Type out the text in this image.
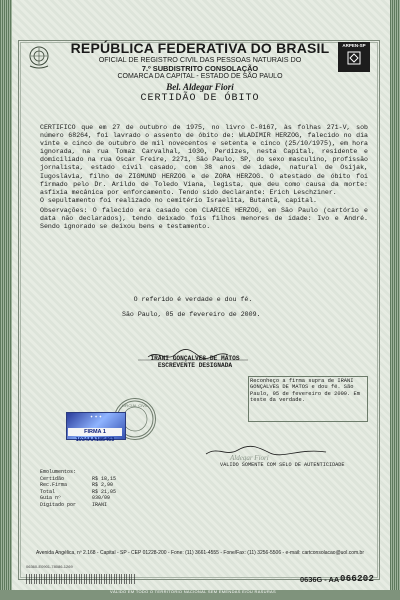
ARPEN-SP
REPÚBLICA FEDERATIVA DO BRASIL
OFICIAL DE REGISTRO CIVIL DAS PESSOAS NATURAIS DO
7.º SUBDISTRITO CONSOLAÇÃO
COMARCA DA CAPITAL - ESTADO DE SÃO PAULO
Bel. Aldegar Fiori
CERTIDÃO DE ÓBITO

CERTIFICO que em 27 de outubro de 1975, no livro C-0167, às folhas 271-V, sob número 68264, foi lavrado o assento de óbito de: WLADIMIR HERZOG, falecido no dia vinte e cinco de outubro de mil novecentos e setenta e cinco (25/10/1975), em hora ignorada, na rua Tomaz Carvalhal, 1030, Perdizes, nesta Capital, residente e domiciliado na rua Oscar Freire, 2271, São Paulo, SP, do sexo masculino, profissão jornalista, estado civil casado, com 38 anos de idade, natural de Osijak, Iugoslávia, filho de ZIGMUND HERZOG e de ZORA HERZOG. O atestado de óbito foi firmado pelo Dr. Arildo de Toledo Viana, legista, que deu como causa da morte: asfixia mecânica por enforcamento. Tendo sido declarante: Erich Leschziner.

O sepultamento foi realizado no cemitério Israelita, Butantã, capital.

Observações: O falecido era casado com CLARICE HERZOG, em São Paulo (cartório e data não declarados), tendo deixado fois filhos menores de idade: Ivo e André. Sendo ignorado se deixou bens e testamento.

O referido é verdade e dou fé.
São Paulo, 05 de fevereiro de 2009.
IRANI GONÇALVES DE MATOS
ESCREVENTE DESIGNADA
Reconheço a firma supra de IRANI GONÇALVES DE MATOS e dou fé. São Paulo, 05 de fevereiro de 2009. Em teste da verdade.
OFICIAL CIVIL
✦ ✦ ✦
FIRMA 1 1034AA185463
Aldegar Fiori
VALIDO SOMENTE COM SELO DE AUTENTICIDADE
Emolumentos:
Certidão	R$ 18,15
Rec.Firma	R$ 2,90
Total	R$ 21,05
Guia nº	030/09
Digitado por	IRANI
Avenida Angélica, nº 2.168 - Capital - SP - CEP 01228-200 - Fone: (11) 3661-4555 - Fone/Fax: (11) 3256-5506 - e-mail: cartconsolacao@uol.com.br
06360-E0901-78086-1269
0636G - AA 066202
VÁLIDO EM TODO O TERRITÓRIO NACIONAL SEM EMENDAS E/OU RASURAS
